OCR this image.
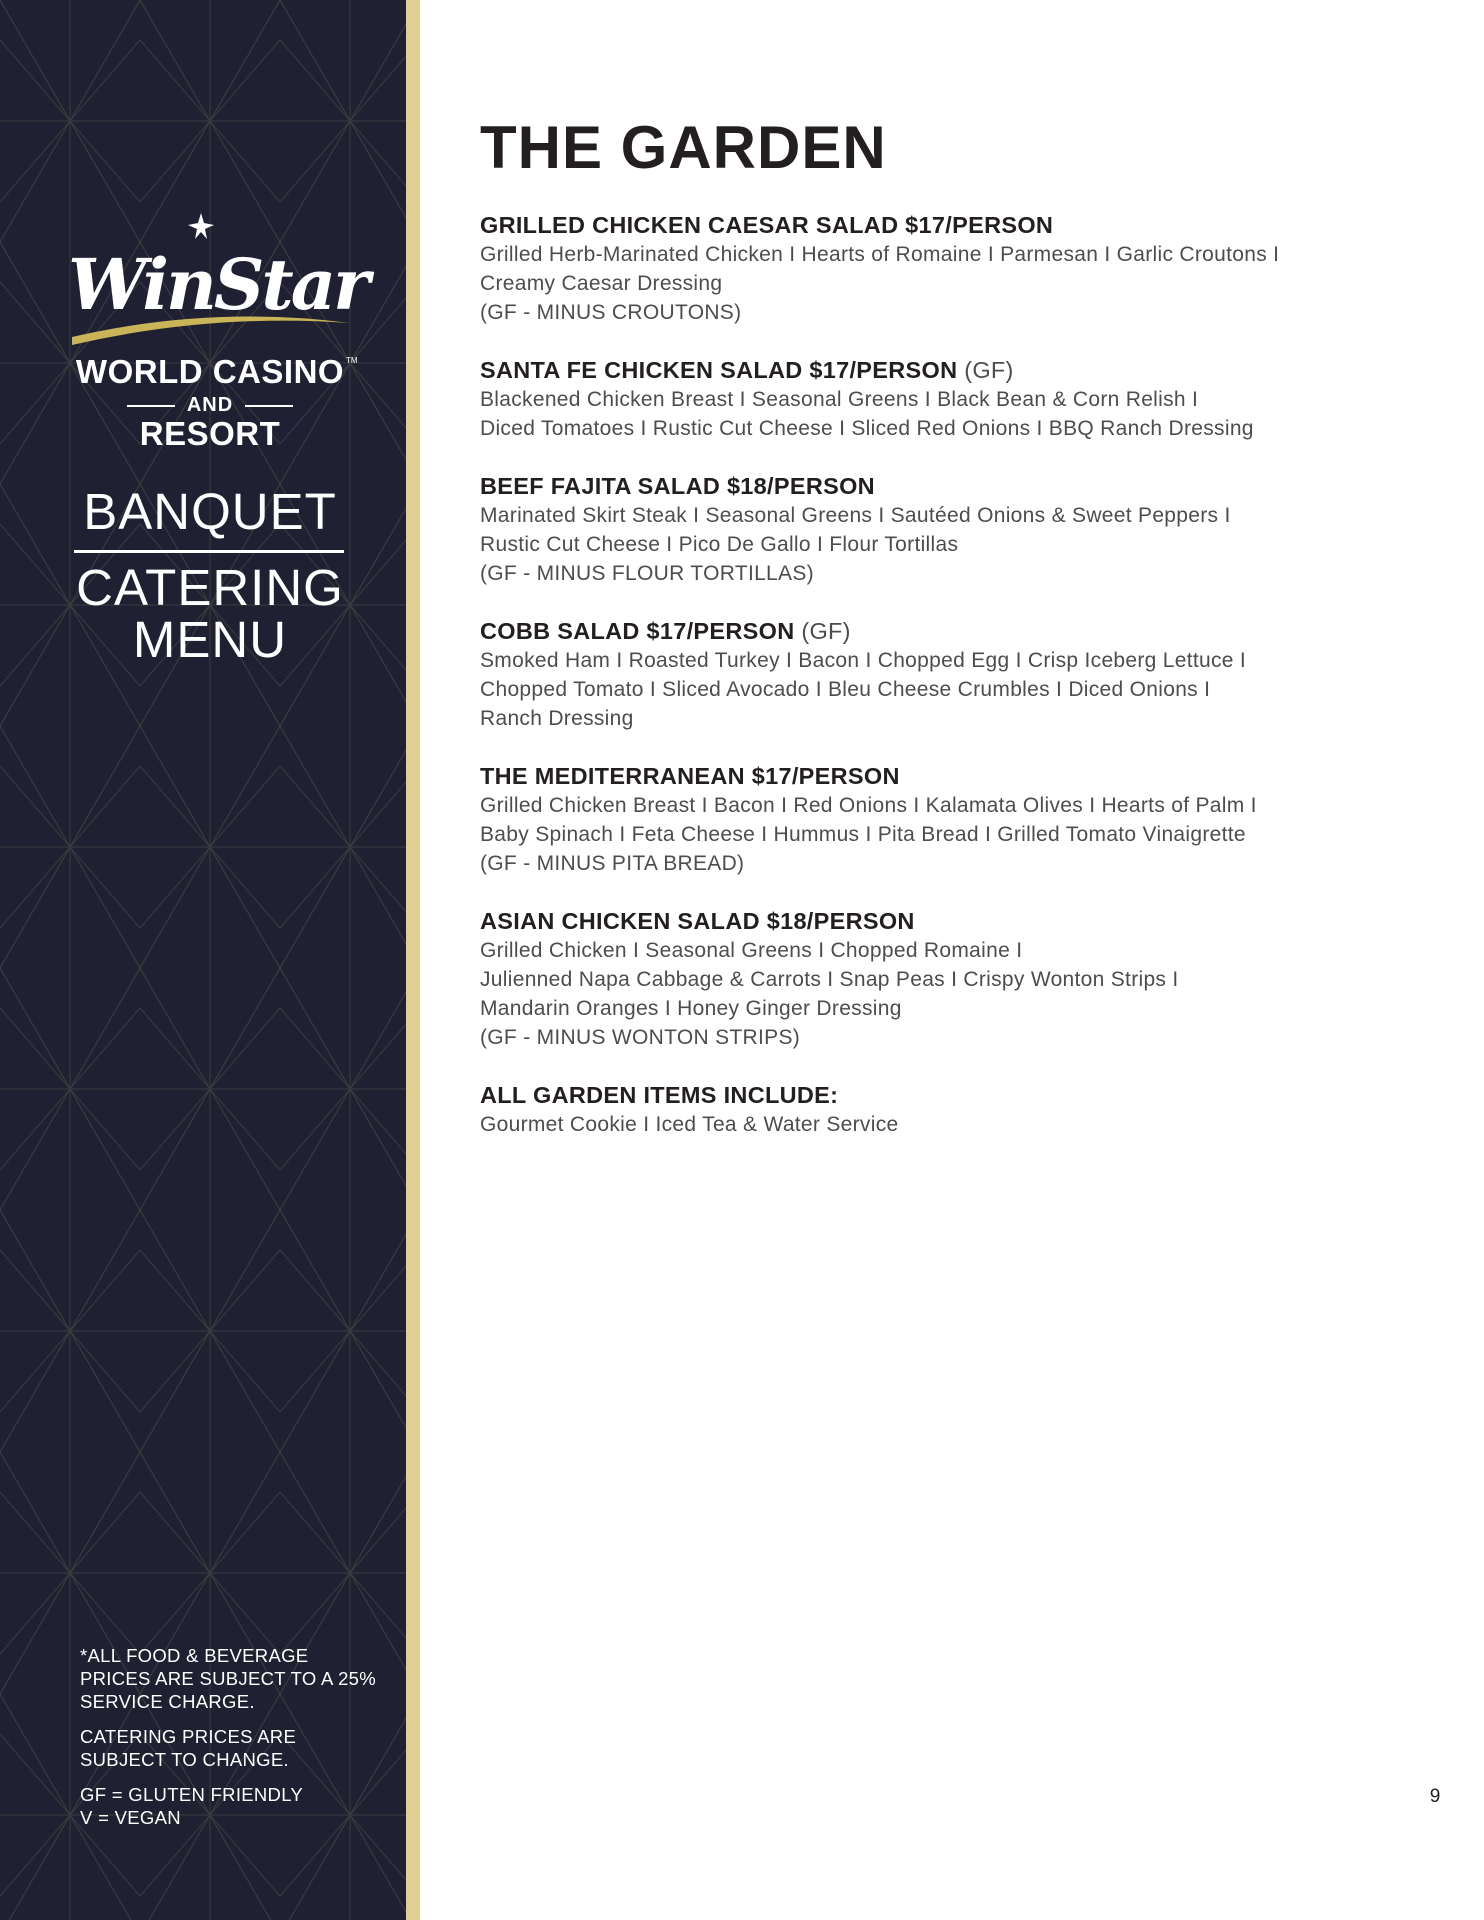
WinStar
WORLD CASINO TM
AND
RESORT
BANQUET
CATERING
MENU

*ALL FOOD & BEVERAGE PRICES ARE SUBJECT TO A 25% SERVICE CHARGE.

CATERING PRICES ARE SUBJECT TO CHANGE.

GF = GLUTEN FRIENDLY
V = VEGAN

THE GARDEN
GRILLED CHICKEN CAESAR SALAD $17/PERSON
Grilled Herb-Marinated Chicken I Hearts of Romaine I Parmesan I Garlic Croutons I
Creamy Caesar Dressing
(GF - MINUS CROUTONS)
SANTA FE CHICKEN SALAD $17/PERSON (GF)
Blackened Chicken Breast I Seasonal Greens I Black Bean & Corn Relish I
Diced Tomatoes I Rustic Cut Cheese I Sliced Red Onions I BBQ Ranch Dressing
BEEF FAJITA SALAD $18/PERSON
Marinated Skirt Steak I Seasonal Greens I Sautéed Onions & Sweet Peppers I
Rustic Cut Cheese I Pico De Gallo I Flour Tortillas
(GF - MINUS FLOUR TORTILLAS)
COBB SALAD $17/PERSON (GF)
Smoked Ham I Roasted Turkey I Bacon I Chopped Egg I Crisp Iceberg Lettuce I
Chopped Tomato I Sliced Avocado I Bleu Cheese Crumbles I Diced Onions I
Ranch Dressing
THE MEDITERRANEAN $17/PERSON
Grilled Chicken Breast I Bacon I Red Onions I Kalamata Olives I Hearts of Palm I
Baby Spinach I Feta Cheese I Hummus I Pita Bread I Grilled Tomato Vinaigrette
(GF - MINUS PITA BREAD)
ASIAN CHICKEN SALAD $18/PERSON
Grilled Chicken I Seasonal Greens I Chopped Romaine I
Julienned Napa Cabbage & Carrots I Snap Peas I Crispy Wonton Strips I
Mandarin Oranges I Honey Ginger Dressing
(GF - MINUS WONTON STRIPS)
ALL GARDEN ITEMS INCLUDE:
Gourmet Cookie I Iced Tea & Water Service
9
